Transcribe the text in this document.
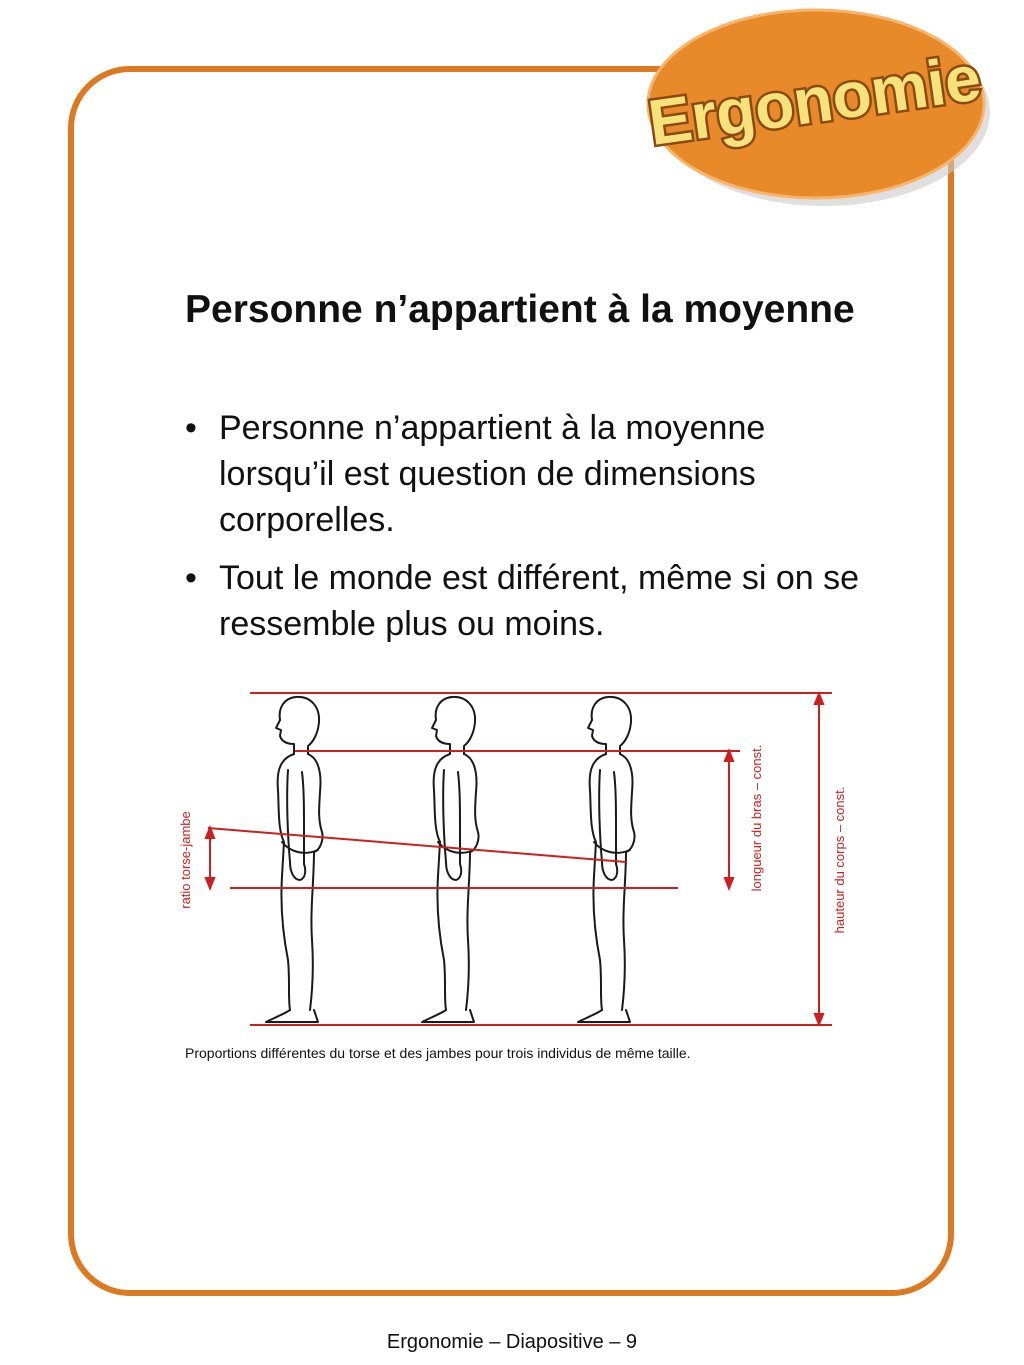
Ergonomie
Personne n’appartient à la moyenne
• Personne n’appartient à la moyenne lorsqu’il est question de dimensions corporelles.
• Tout le monde est différent, même si on se ressemble plus ou moins.
ratio torse-jambe	longueur du bras – const.	hauteur du corps – const.
Proportions différentes du torse et des jambes pour trois individus de même taille.
Ergonomie – Diapositive – 9
